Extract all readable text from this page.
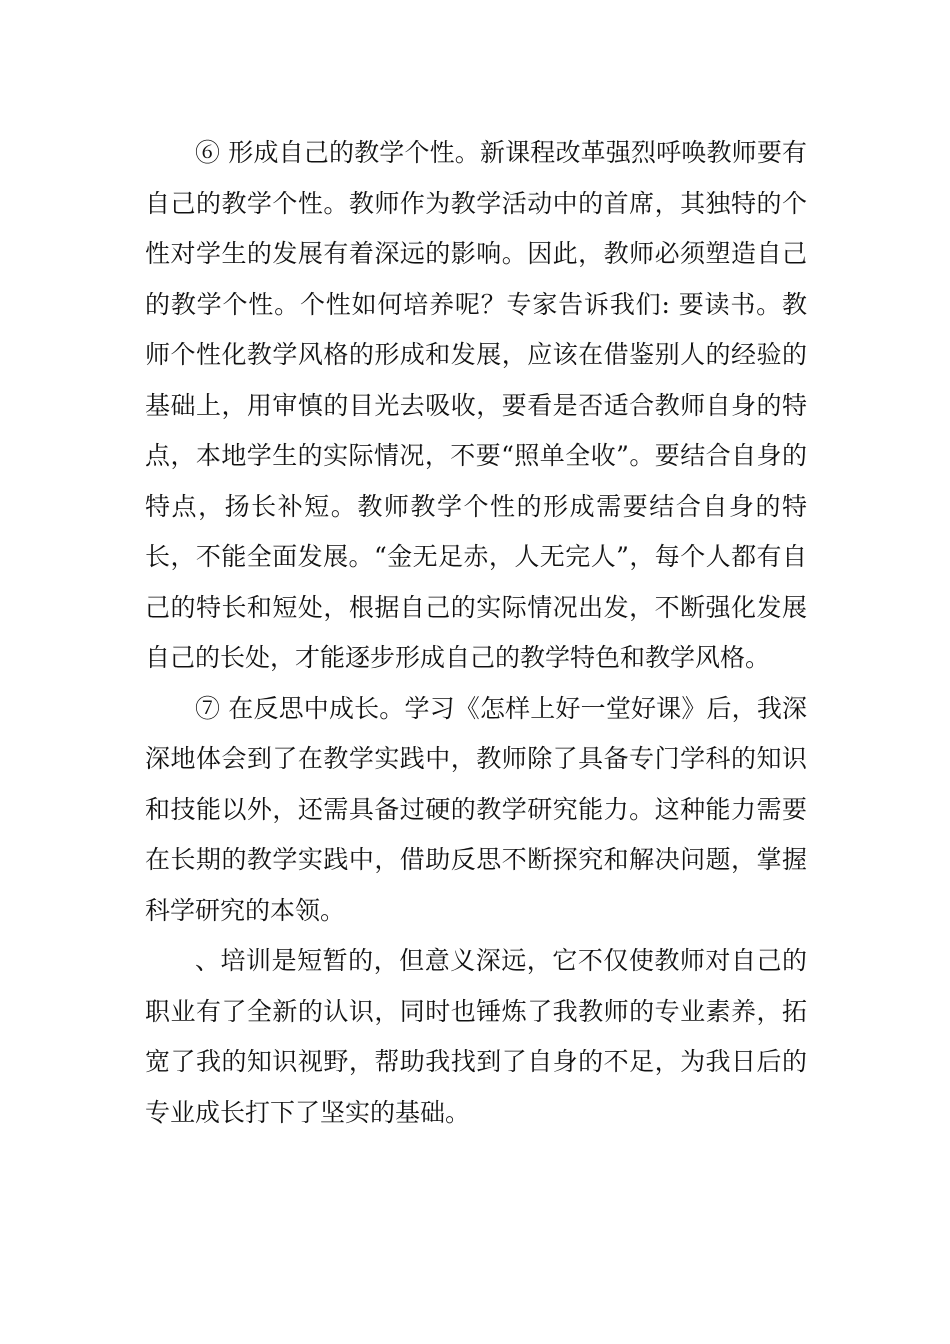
⑥ 形成自己的教学个性。新课程改革强烈呼唤教师要有自己的教学个性。教师作为教学活动中的首席，其独特的个性对学生的发展有着深远的影响。因此，教师必须塑造自己的教学个性。个性如何培养呢？专家告诉我们: 要读书。教师个性化教学风格的形成和发展，应该在借鉴别人的经验的基础上，用审慎的目光去吸收，要看是否适合教师自身的特点，本地学生的实际情况，不要“照单全收”。要结合自身的特点，扬长补短。教师教学个性的形成需要结合自身的特长，不能全面发展。“金无足赤，人无完人”，每个人都有自己的特长和短处，根据自己的实际情况出发，不断强化发展自己的长处，才能逐步形成自己的教学特色和教学风格。

⑦ 在反思中成长。学习《怎样上好一堂好课》后，我深深地体会到了在教学实践中，教师除了具备专门学科的知识和技能以外，还需具备过硬的教学研究能力。这种能力需要在长期的教学实践中，借助反思不断探究和解决问题，掌握科学研究的本领。

、培训是短暂的，但意义深远，它不仅使教师对自己的职业有了全新的认识，同时也锤炼了我教师的专业素养，拓宽了我的知识视野，帮助我找到了自身的不足，为我日后的专业成长打下了坚实的基础。
